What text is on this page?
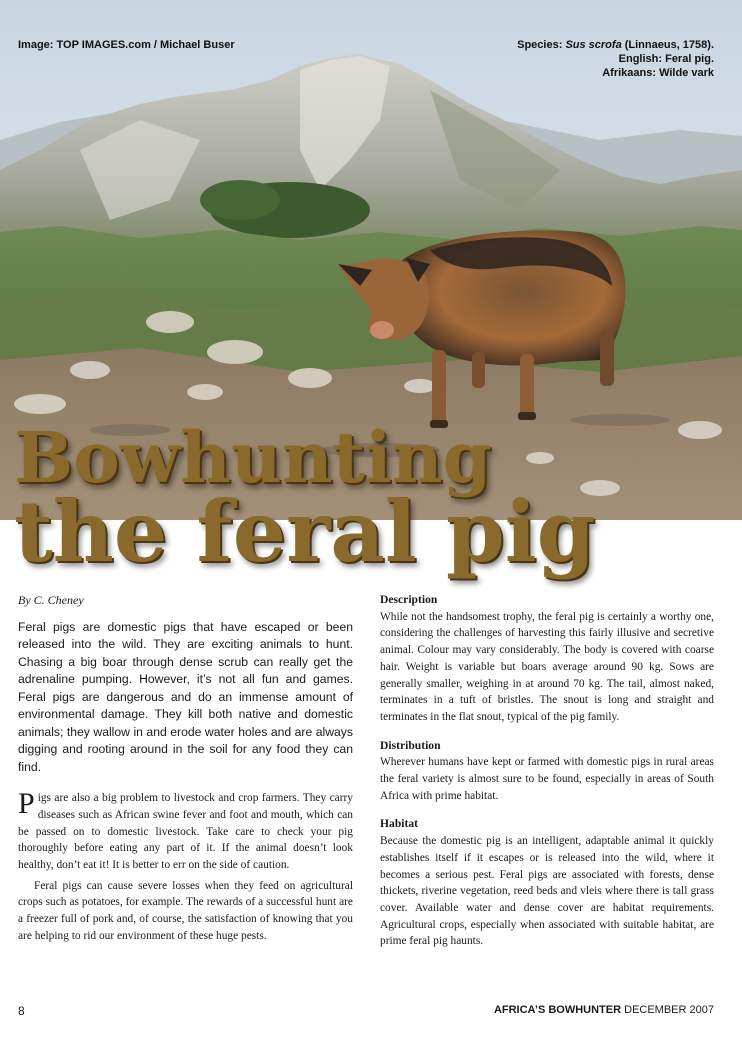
Image: TOP IMAGES.com / Michael Buser	Species: Sus scrofa (Linnaeus, 1758).
English: Feral pig.
Afrikaans: Wilde vark
Bowhunting
the feral pig

By C. Cheney

Feral pigs are domestic pigs that have escaped or been released into the wild. They are exciting animals to hunt. Chasing a big boar through dense scrub can really get the adrenaline pumping. However, it’s not all fun and games. Feral pigs are dangerous and do an immense amount of environmental damage. They kill both native and domestic animals; they wallow in and erode water holes and are always digging and rooting around in the soil for any food they can find.

Pigs are also a big problem to livestock and crop farmers. They carry diseases such as African swine fever and foot and mouth, which can be passed on to domestic livestock. Take care to check your pig thoroughly before eating any part of it. If the animal doesn’t look healthy, don’t eat it! It is better to err on the side of caution.

Feral pigs can cause severe losses when they feed on agricultural crops such as potatoes, for example. The rewards of a successful hunt are a freezer full of pork and, of course, the satisfaction of knowing that you are helping to rid our environment of these huge pests.

Description

While not the handsomest trophy, the feral pig is certainly a worthy one, considering the challenges of harvesting this fairly illusive and secretive animal. Colour may vary considerably. The body is covered with coarse hair. Weight is variable but boars average around 90 kg. Sows are generally smaller, weighing in at around 70 kg. The tail, almost naked, terminates in a tuft of bristles. The snout is long and straight and terminates in the flat snout, typical of the pig family.

Distribution

Wherever humans have kept or farmed with domestic pigs in rural areas the feral variety is almost sure to be found, especially in areas of South Africa with prime habitat.

Habitat

Because the domestic pig is an intelligent, adaptable animal it quickly establishes itself if it escapes or is released into the wild, where it becomes a serious pest. Feral pigs are associated with forests, dense thickets, riverine vegetation, reed beds and vleis where there is tall grass cover. Available water and dense cover are habitat requirements. Agricultural crops, especially when associated with suitable habitat, are prime feral pig haunts.

8	AFRICA’S BOWHUNTER DECEMBER 2007
